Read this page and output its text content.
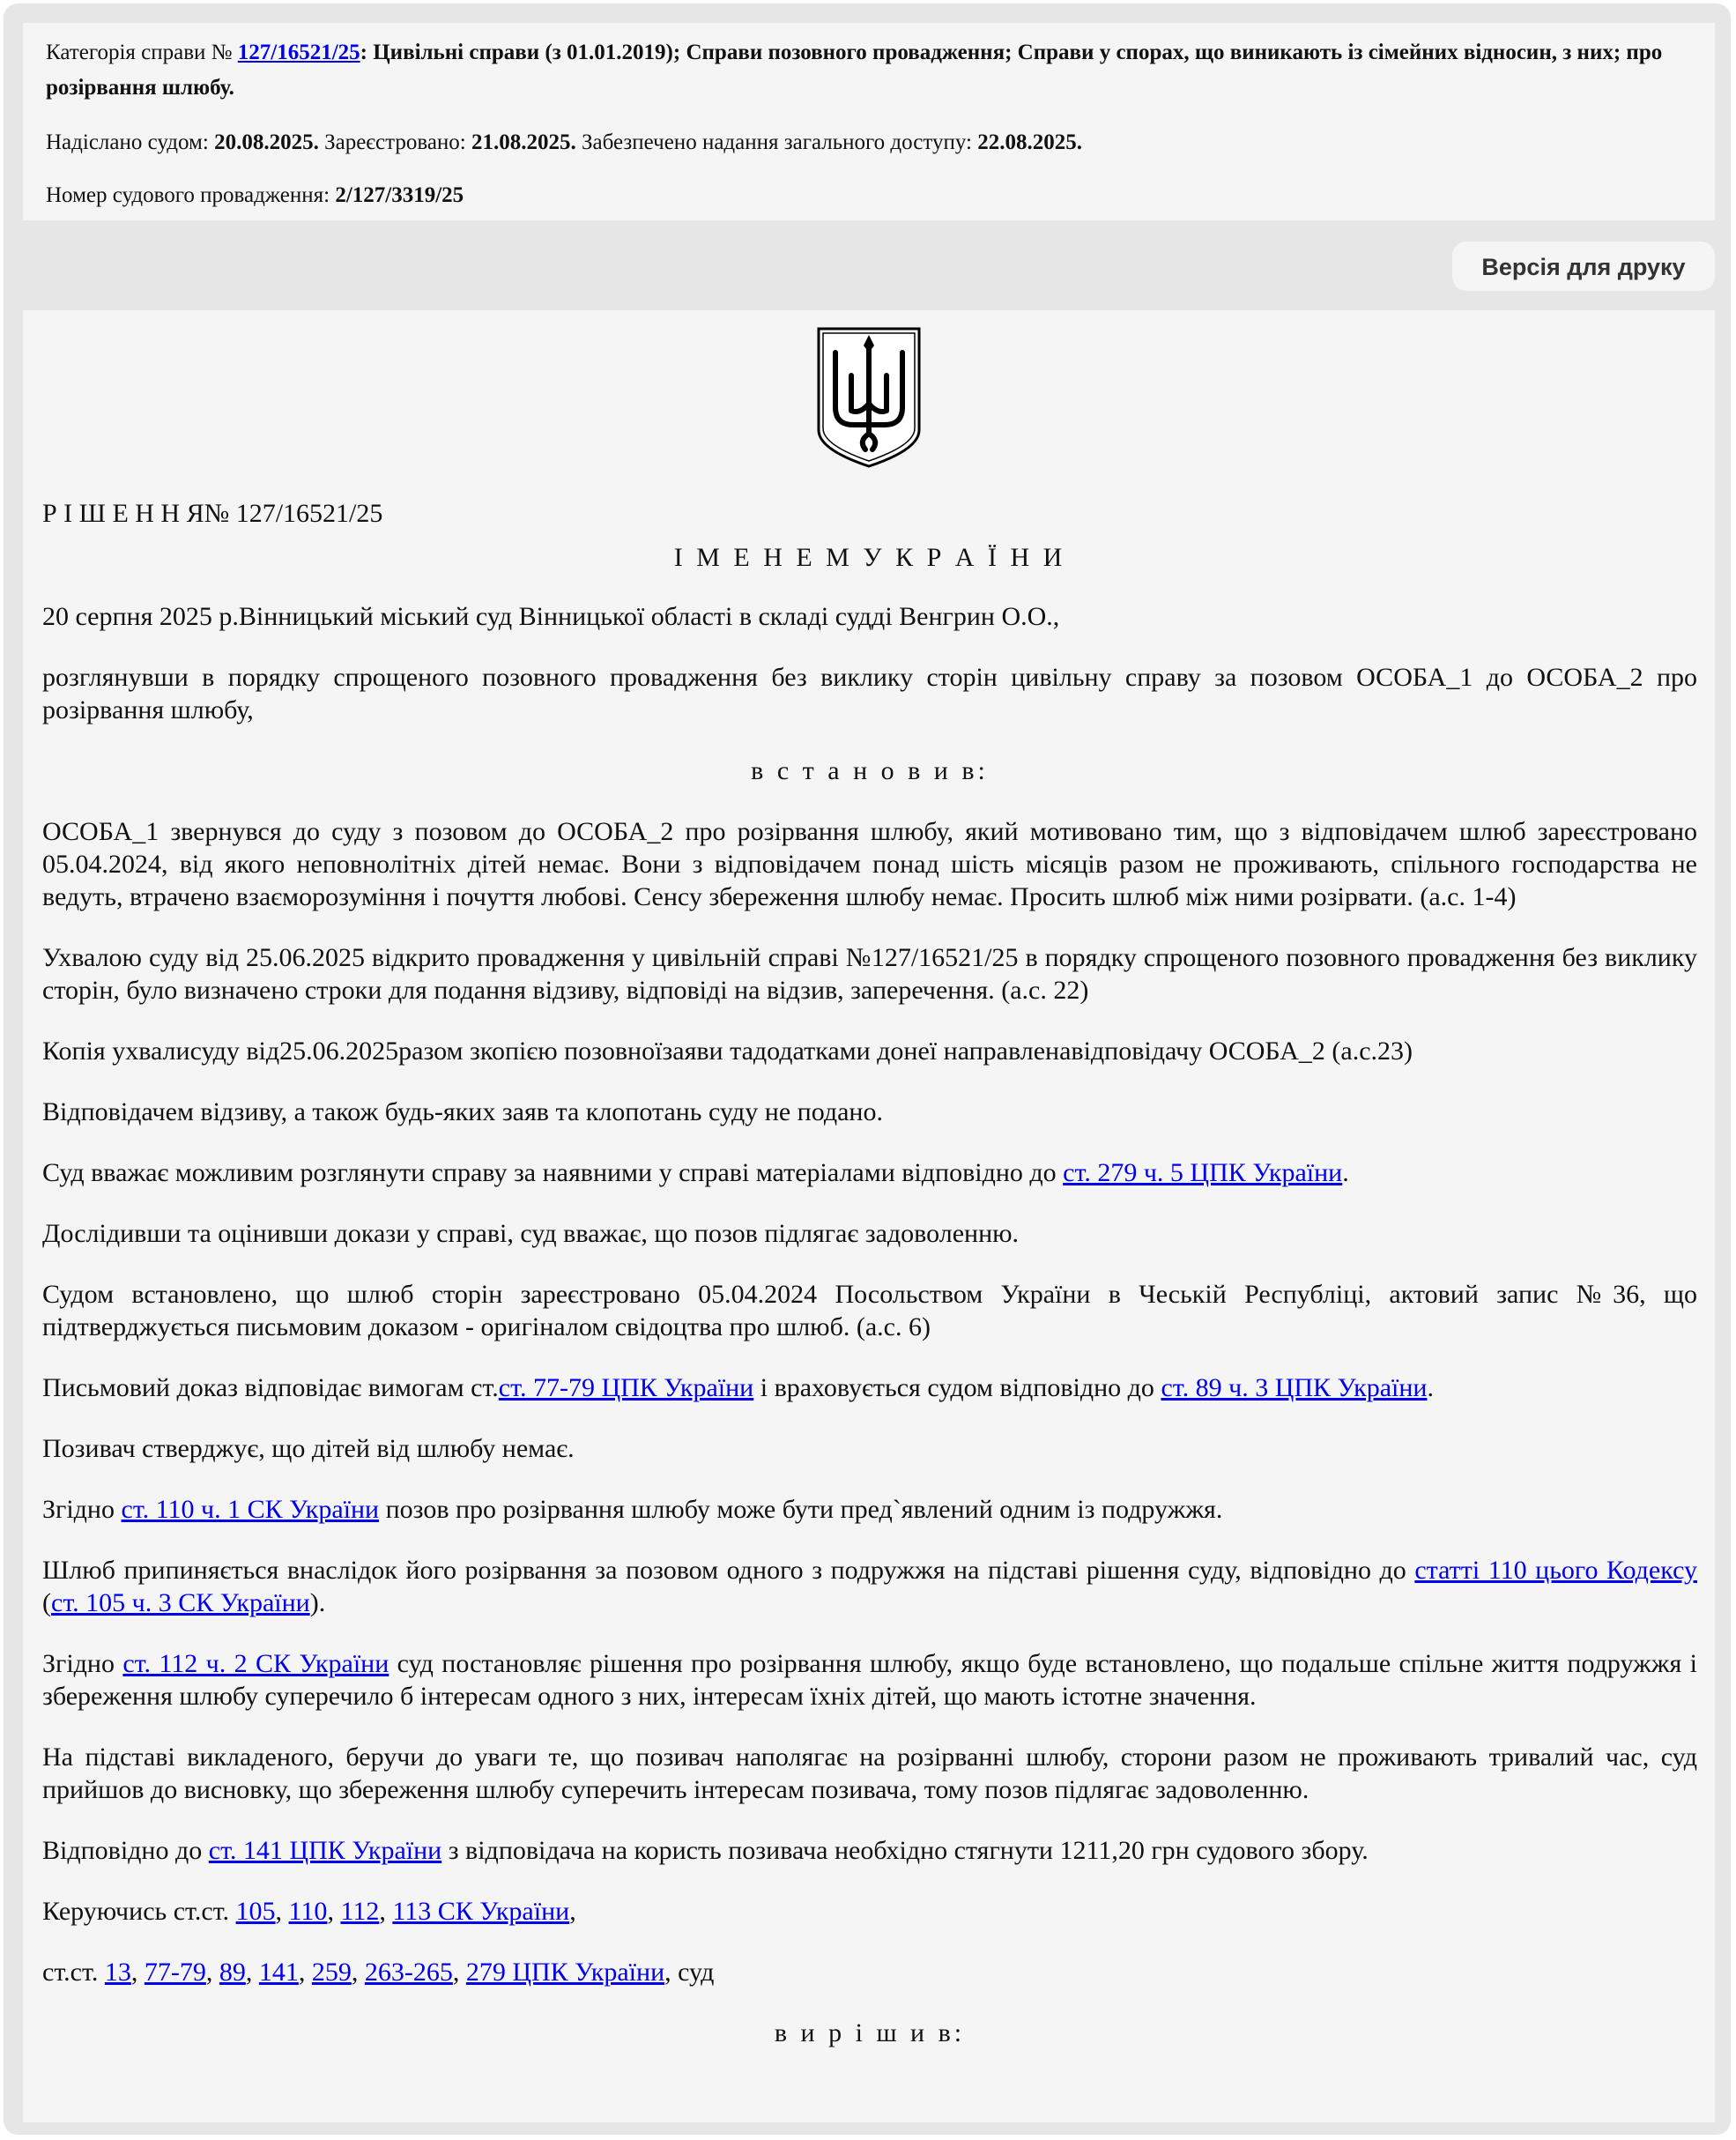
Категорія справи № 127/16521/25: Цивільні справи (з 01.01.2019); Справи позовного провадження; Справи у спорах, що виникають із сімейних відносин, з них; про розірвання шлюбу.

Надіслано судом: 20.08.2025. Зареєстровано: 21.08.2025. Забезпечено надання загального доступу: 22.08.2025.

Номер судового провадження: 2/127/3319/25

Версія для друку

Р І Ш Е Н Н Я№ 127/16521/25

І М Е Н Е М У К Р А Ї Н И

20 серпня 2025 р.Вінницький міський суд Вінницької області в складі судді Венгрин О.О.,

розглянувши в порядку спрощеного позовного провадження без виклику сторін цивільну справу за позовом ОСОБА_1 до ОСОБА_2 про розірвання шлюбу,

в с т а н о в и в:

ОСОБА_1 звернувся до суду з позовом до ОСОБА_2 про розірвання шлюбу, який мотивовано тим, що з відповідачем шлюб зареєстровано 05.04.2024, від якого неповнолітніх дітей немає. Вони з відповідачем понад шість місяців разом не проживають, спільного господарства не ведуть, втрачено взаєморозуміння і почуття любові. Сенсу збереження шлюбу немає. Просить шлюб між ними розірвати. (а.с. 1-4)

Ухвалою суду від 25.06.2025 відкрито провадження у цивільній справі №127/16521/25 в порядку спрощеного позовного провадження без виклику сторін, було визначено строки для подання відзиву, відповіді на відзив, заперечення. (а.с. 22)

Копія ухвалисуду від25.06.2025разом зкопією позовноїзаяви тадодатками донеї направленавідповідачу ОСОБА_2 (а.с.23)

Відповідачем відзиву, а також будь-яких заяв та клопотань суду не подано.

Суд вважає можливим розглянути справу за наявними у справі матеріалами відповідно до ст. 279 ч. 5 ЦПК України.

Дослідивши та оцінивши докази у справі, суд вважає, що позов підлягає задоволенню.

Судом встановлено, що шлюб сторін зареєстровано 05.04.2024 Посольством України в Чеській Республіці, актовий запис №36, що підтверджується письмовим доказом - оригіналом свідоцтва про шлюб. (а.с. 6)

Письмовий доказ відповідає вимогам ст.ст. 77-79 ЦПК України і враховується судом відповідно до ст. 89 ч. 3 ЦПК України.

Позивач стверджує, що дітей від шлюбу немає.

Згідно ст. 110 ч. 1 СК України позов про розірвання шлюбу може бути пред`явлений одним із подружжя.

Шлюб припиняється внаслідок його розірвання за позовом одного з подружжя на підставі рішення суду, відповідно до статті 110 цього Кодексу (ст. 105 ч. 3 СК України).

Згідно ст. 112 ч. 2 СК України суд постановляє рішення про розірвання шлюбу, якщо буде встановлено, що подальше спільне життя подружжя і збереження шлюбу суперечило б інтересам одного з них, інтересам їхніх дітей, що мають істотне значення.

На підставі викладеного, беручи до уваги те, що позивач наполягає на розірванні шлюбу, сторони разом не проживають тривалий час, суд прийшов до висновку, що збереження шлюбу суперечить інтересам позивача, тому позов підлягає задоволенню.

Відповідно до ст. 141 ЦПК України з відповідача на користь позивача необхідно стягнути 1211,20 грн судового збору.

Керуючись ст.ст. 105, 110, 112, 113 СК України,

ст.ст. 13, 77-79, 89, 141, 259, 263-265, 279 ЦПК України, суд

в и р і ш и в:
